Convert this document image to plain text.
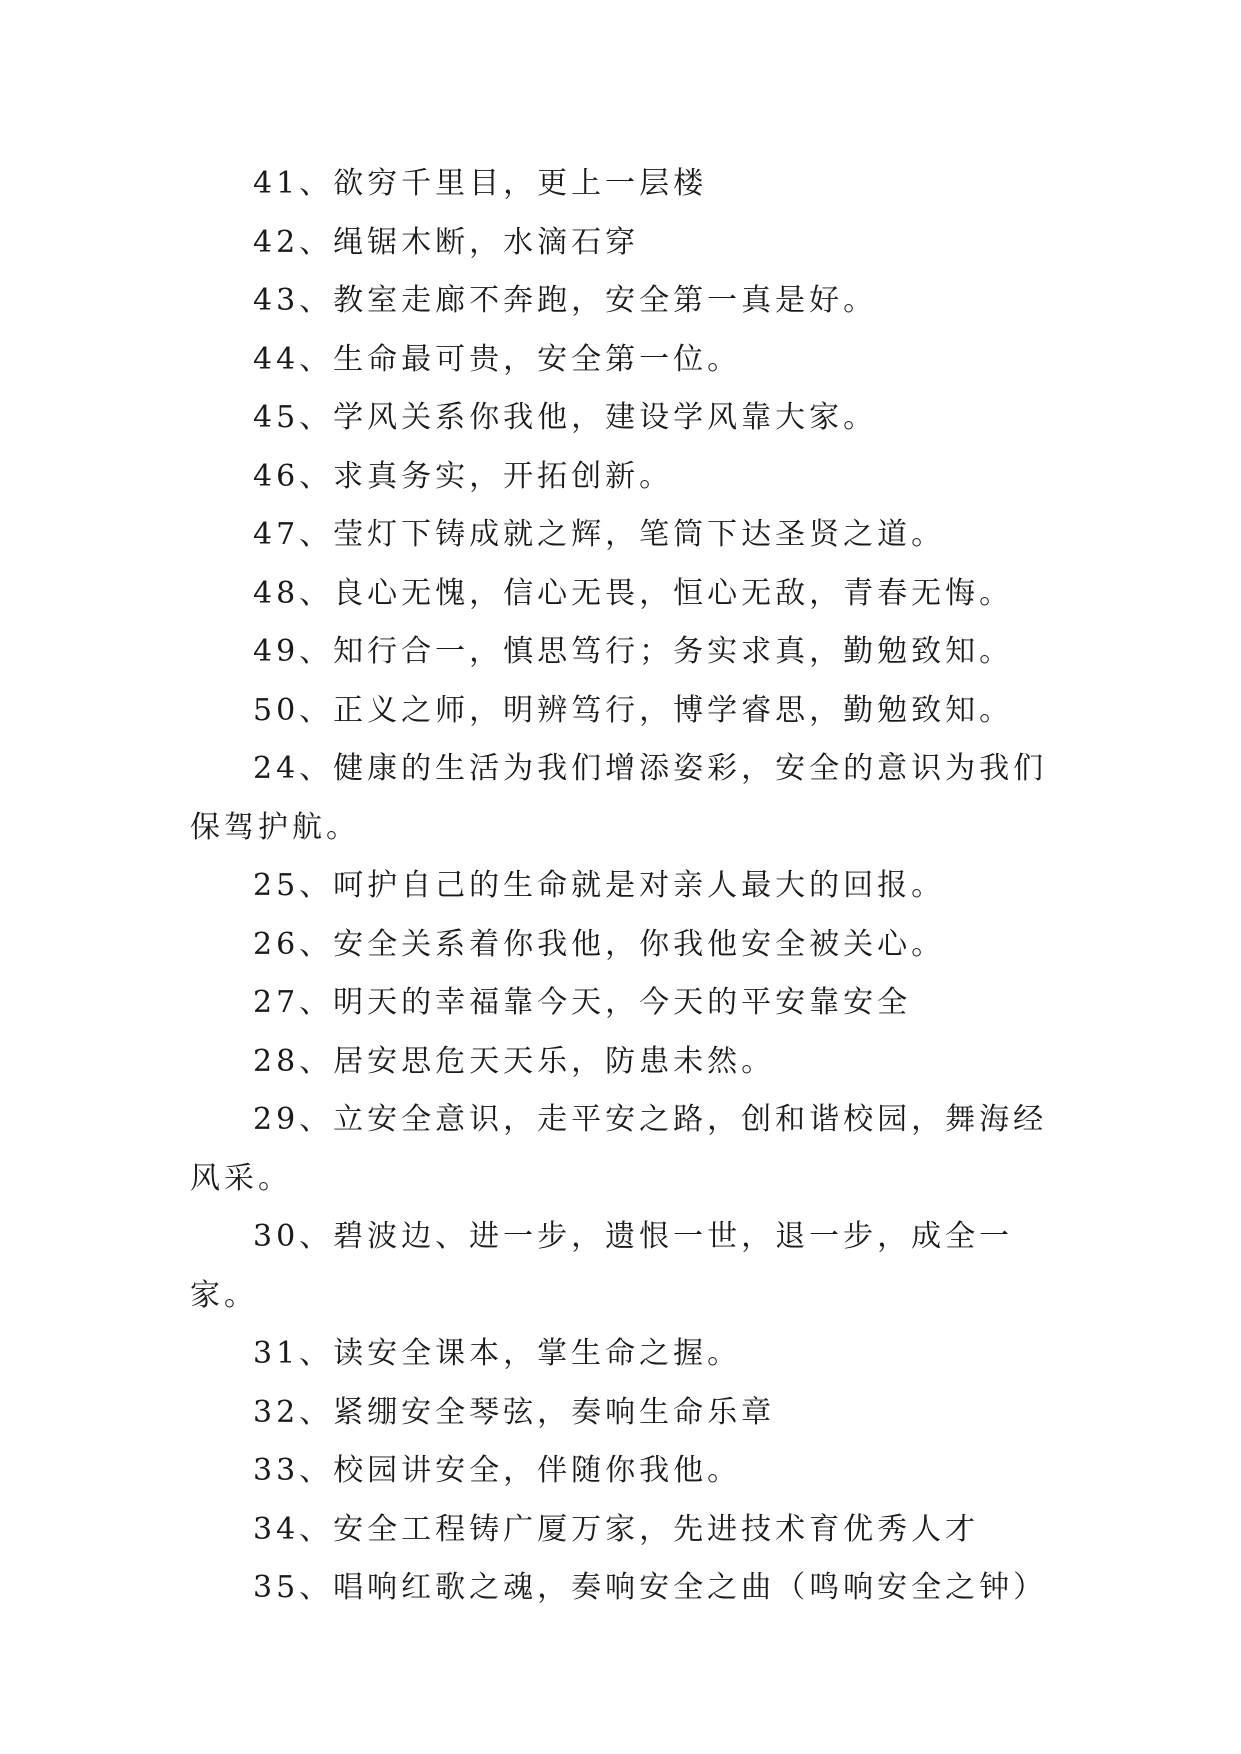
41、欲穷千里目，更上一层楼

42、绳锯木断，水滴石穿

43、教室走廊不奔跑，安全第一真是好。

44、生命最可贵，安全第一位。

45、学风关系你我他，建设学风靠大家。

46、求真务实，开拓创新。

47、莹灯下铸成就之辉，笔筒下达圣贤之道。

48、良心无愧，信心无畏，恒心无敌，青春无悔。

49、知行合一，慎思笃行；务实求真，勤勉致知。

50、正义之师，明辨笃行，博学睿思，勤勉致知。

24、健康的生活为我们增添姿彩，安全的意识为我们保驾护航。

25、呵护自己的生命就是对亲人最大的回报。

26、安全关系着你我他，你我他安全被关心。

27、明天的幸福靠今天，今天的平安靠安全

28、居安思危天天乐，防患未然。

29、立安全意识，走平安之路，创和谐校园，舞海经风采。

30、碧波边、进一步，遗恨一世，退一步，成全一家。

31、读安全课本，掌生命之握。

32、紧绷安全琴弦，奏响生命乐章

33、校园讲安全，伴随你我他。

34、安全工程铸广厦万家，先进技术育优秀人才

35、唱响红歌之魂，奏响安全之曲（鸣响安全之钟）
